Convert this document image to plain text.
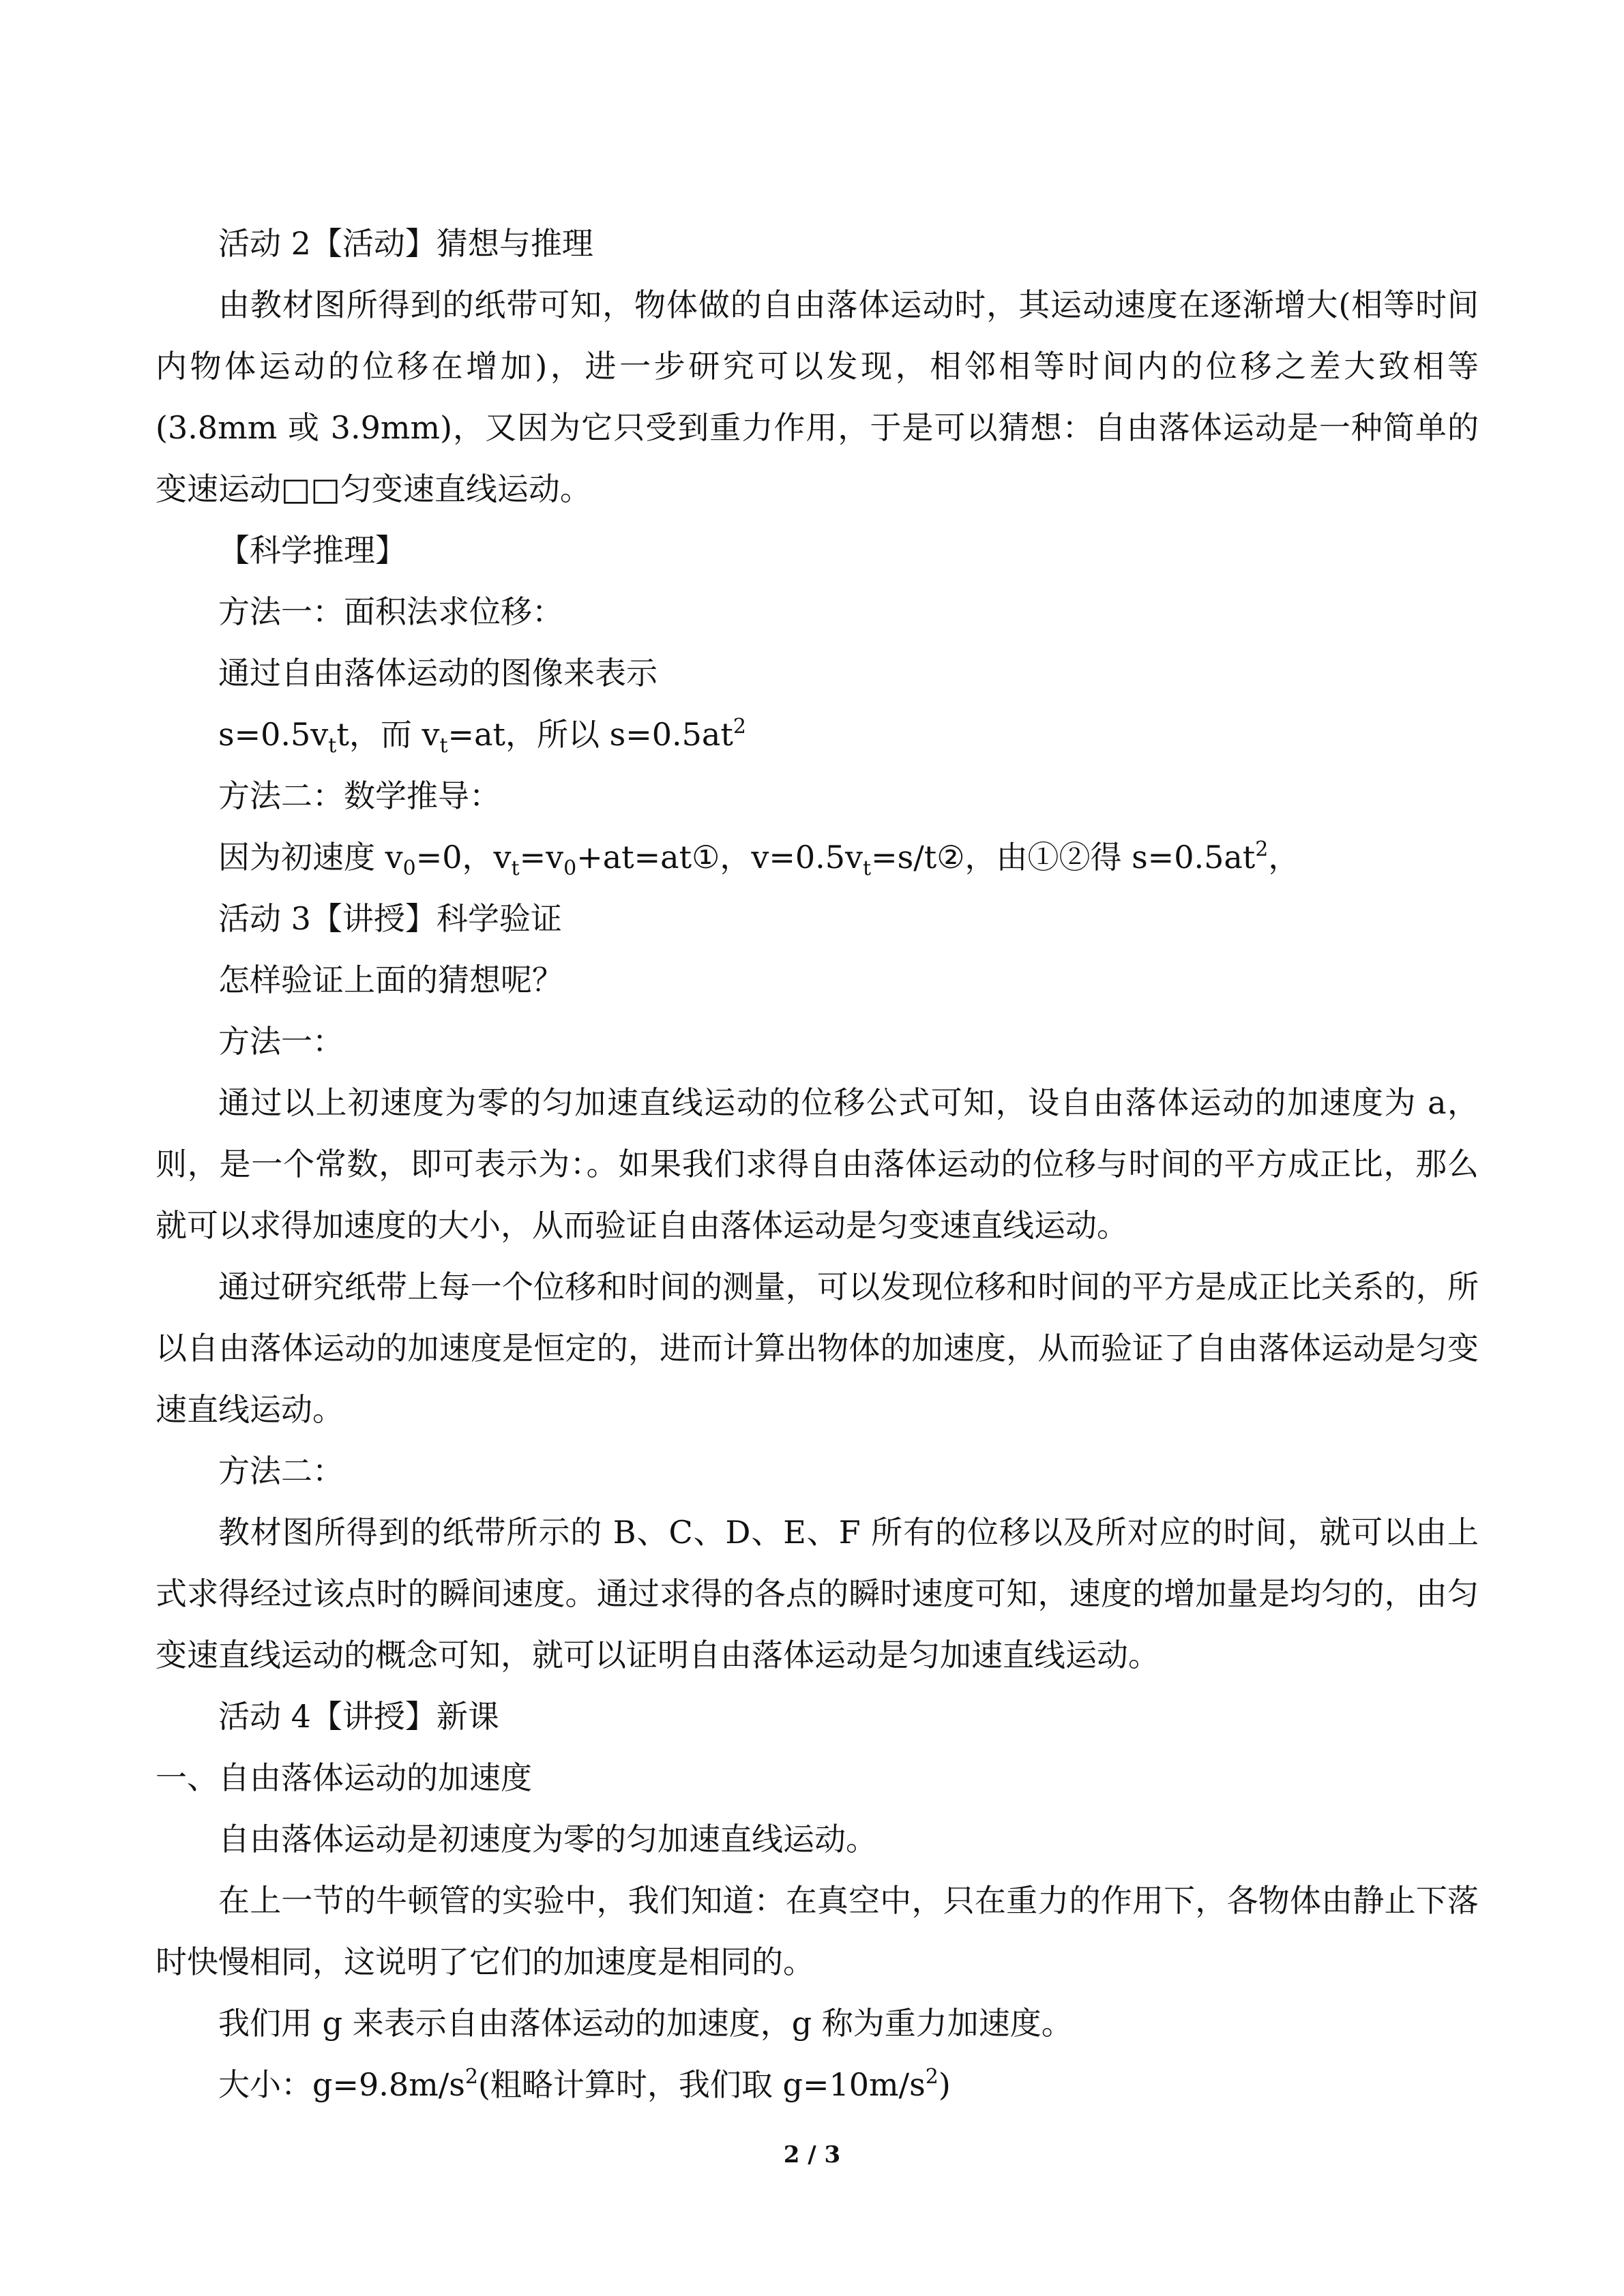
活动 2【活动】猜想与推理

由教材图所得到的纸带可知，物体做的自由落体运动时，其运动速度在逐渐增大(相等时间内物体运动的位移在增加)，进一步研究可以发现，相邻相等时间内的位移之差大致相等(3.8mm 或 3.9mm)，又因为它只受到重力作用，于是可以猜想：自由落体运动是一种简单的变速运动□□匀变速直线运动。

【科学推理】

方法一：面积法求位移：

通过自由落体运动的图像来表示

$s=0.5v_tt$，而 $v_t=at$，所以 $s=0.5at^2$

方法二：数学推导：

因为初速度 $v_0=0$，$v_t=v_0+at=at①$，$v=0.5v_t=s/t②$，由①②得 $s=0.5at^2$，

活动 3【讲授】科学验证

怎样验证上面的猜想呢？

方法一：

通过以上初速度为零的匀加速直线运动的位移公式可知，设自由落体运动的加速度为 a，则，是一个常数，即可表示为：。如果我们求得自由落体运动的位移与时间的平方成正比，那么就可以求得加速度的大小，从而验证自由落体运动是匀变速直线运动。

通过研究纸带上每一个位移和时间的测量，可以发现位移和时间的平方是成正比关系的，所以自由落体运动的加速度是恒定的，进而计算出物体的加速度，从而验证了自由落体运动是匀变速直线运动。

方法二：

教材图所得到的纸带所示的 B、C、D、E、F 所有的位移以及所对应的时间，就可以由上式求得经过该点时的瞬间速度。通过求得的各点的瞬时速度可知，速度的增加量是均匀的，由匀变速直线运动的概念可知，就可以证明自由落体运动是匀加速直线运动。

活动 4【讲授】新课

一、自由落体运动的加速度

自由落体运动是初速度为零的匀加速直线运动。

在上一节的牛顿管的实验中，我们知道：在真空中，只在重力的作用下，各物体由静止下落时快慢相同，这说明了它们的加速度是相同的。

我们用 g 来表示自由落体运动的加速度，g 称为重力加速度。

大小：$g=9.8m/s^2$(粗略计算时，我们取 $g=10m/s^2$)

2 / 3
